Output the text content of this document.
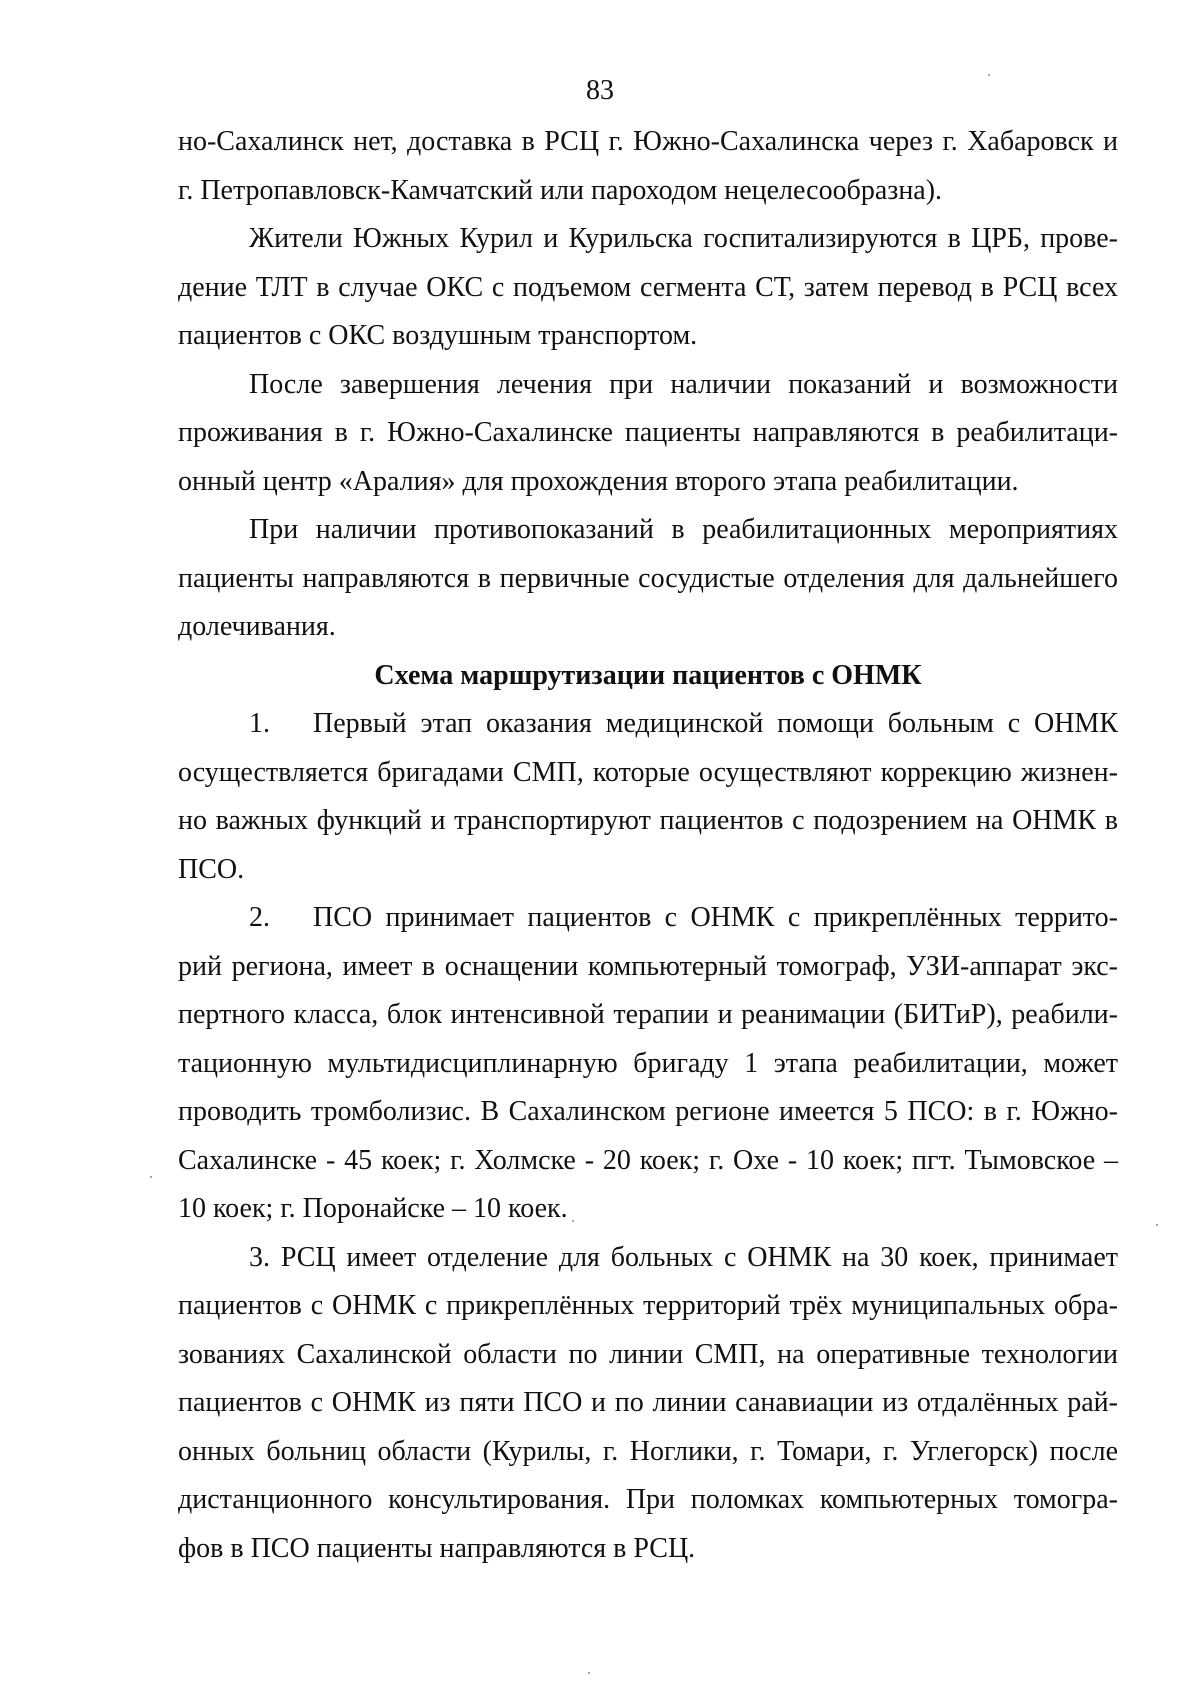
83
но-Сахалинск нет, доставка в РСЦ г. Южно-Сахалинска через г. Хабаровск и
г. Петропавловск-Камчатский или пароходом нецелесообразна).
Жители Южных Курил и Курильска госпитализируются в ЦРБ, прове-
дение ТЛТ в случае ОКС с подъемом сегмента СТ, затем перевод в РСЦ всех
пациентов с ОКС воздушным транспортом.
После завершения лечения при наличии показаний и возможности
проживания в г. Южно-Сахалинске пациенты направляются в реабилитаци-
онный центр «Аралия» для прохождения второго этапа реабилитации.
При наличии противопоказаний в реабилитационных мероприятиях
пациенты направляются в первичные сосудистые отделения для дальнейшего
долечивания.
Схема маршрутизации пациентов с ОНМК
1.	Первый этап оказания медицинской помощи больным с ОНМК
осуществляется бригадами СМП, которые осуществляют коррекцию жизнен-
но важных функций и транспортируют пациентов с подозрением на ОНМК в
ПСО.
2.	ПСО принимает пациентов с ОНМК с прикреплённых террито-
рий региона, имеет в оснащении компьютерный томограф, УЗИ-аппарат экс-
пертного класса, блок интенсивной терапии и реанимации (БИТиР), реабили-
тационную мультидисциплинарную бригаду 1 этапа реабилитации, может
проводить тромболизис. В Сахалинском регионе имеется 5 ПСО: в г. Южно-
Сахалинске - 45 коек; г. Холмске - 20 коек; г. Охе - 10 коек; пгт. Тымовское –
10 коек; г. Поронайске – 10 коек.
3. РСЦ имеет отделение для больных с ОНМК на 30 коек, принимает
пациентов с ОНМК с прикреплённых территорий трёх муниципальных обра-
зованиях Сахалинской области по линии СМП, на оперативные технологии
пациентов с ОНМК из пяти ПСО и по линии санавиации из отдалённых рай-
онных больниц области (Курилы, г. Ноглики, г. Томари, г. Углегорск) после
дистанционного консультирования. При поломках компьютерных томогра-
фов в ПСО пациенты направляются в РСЦ.
